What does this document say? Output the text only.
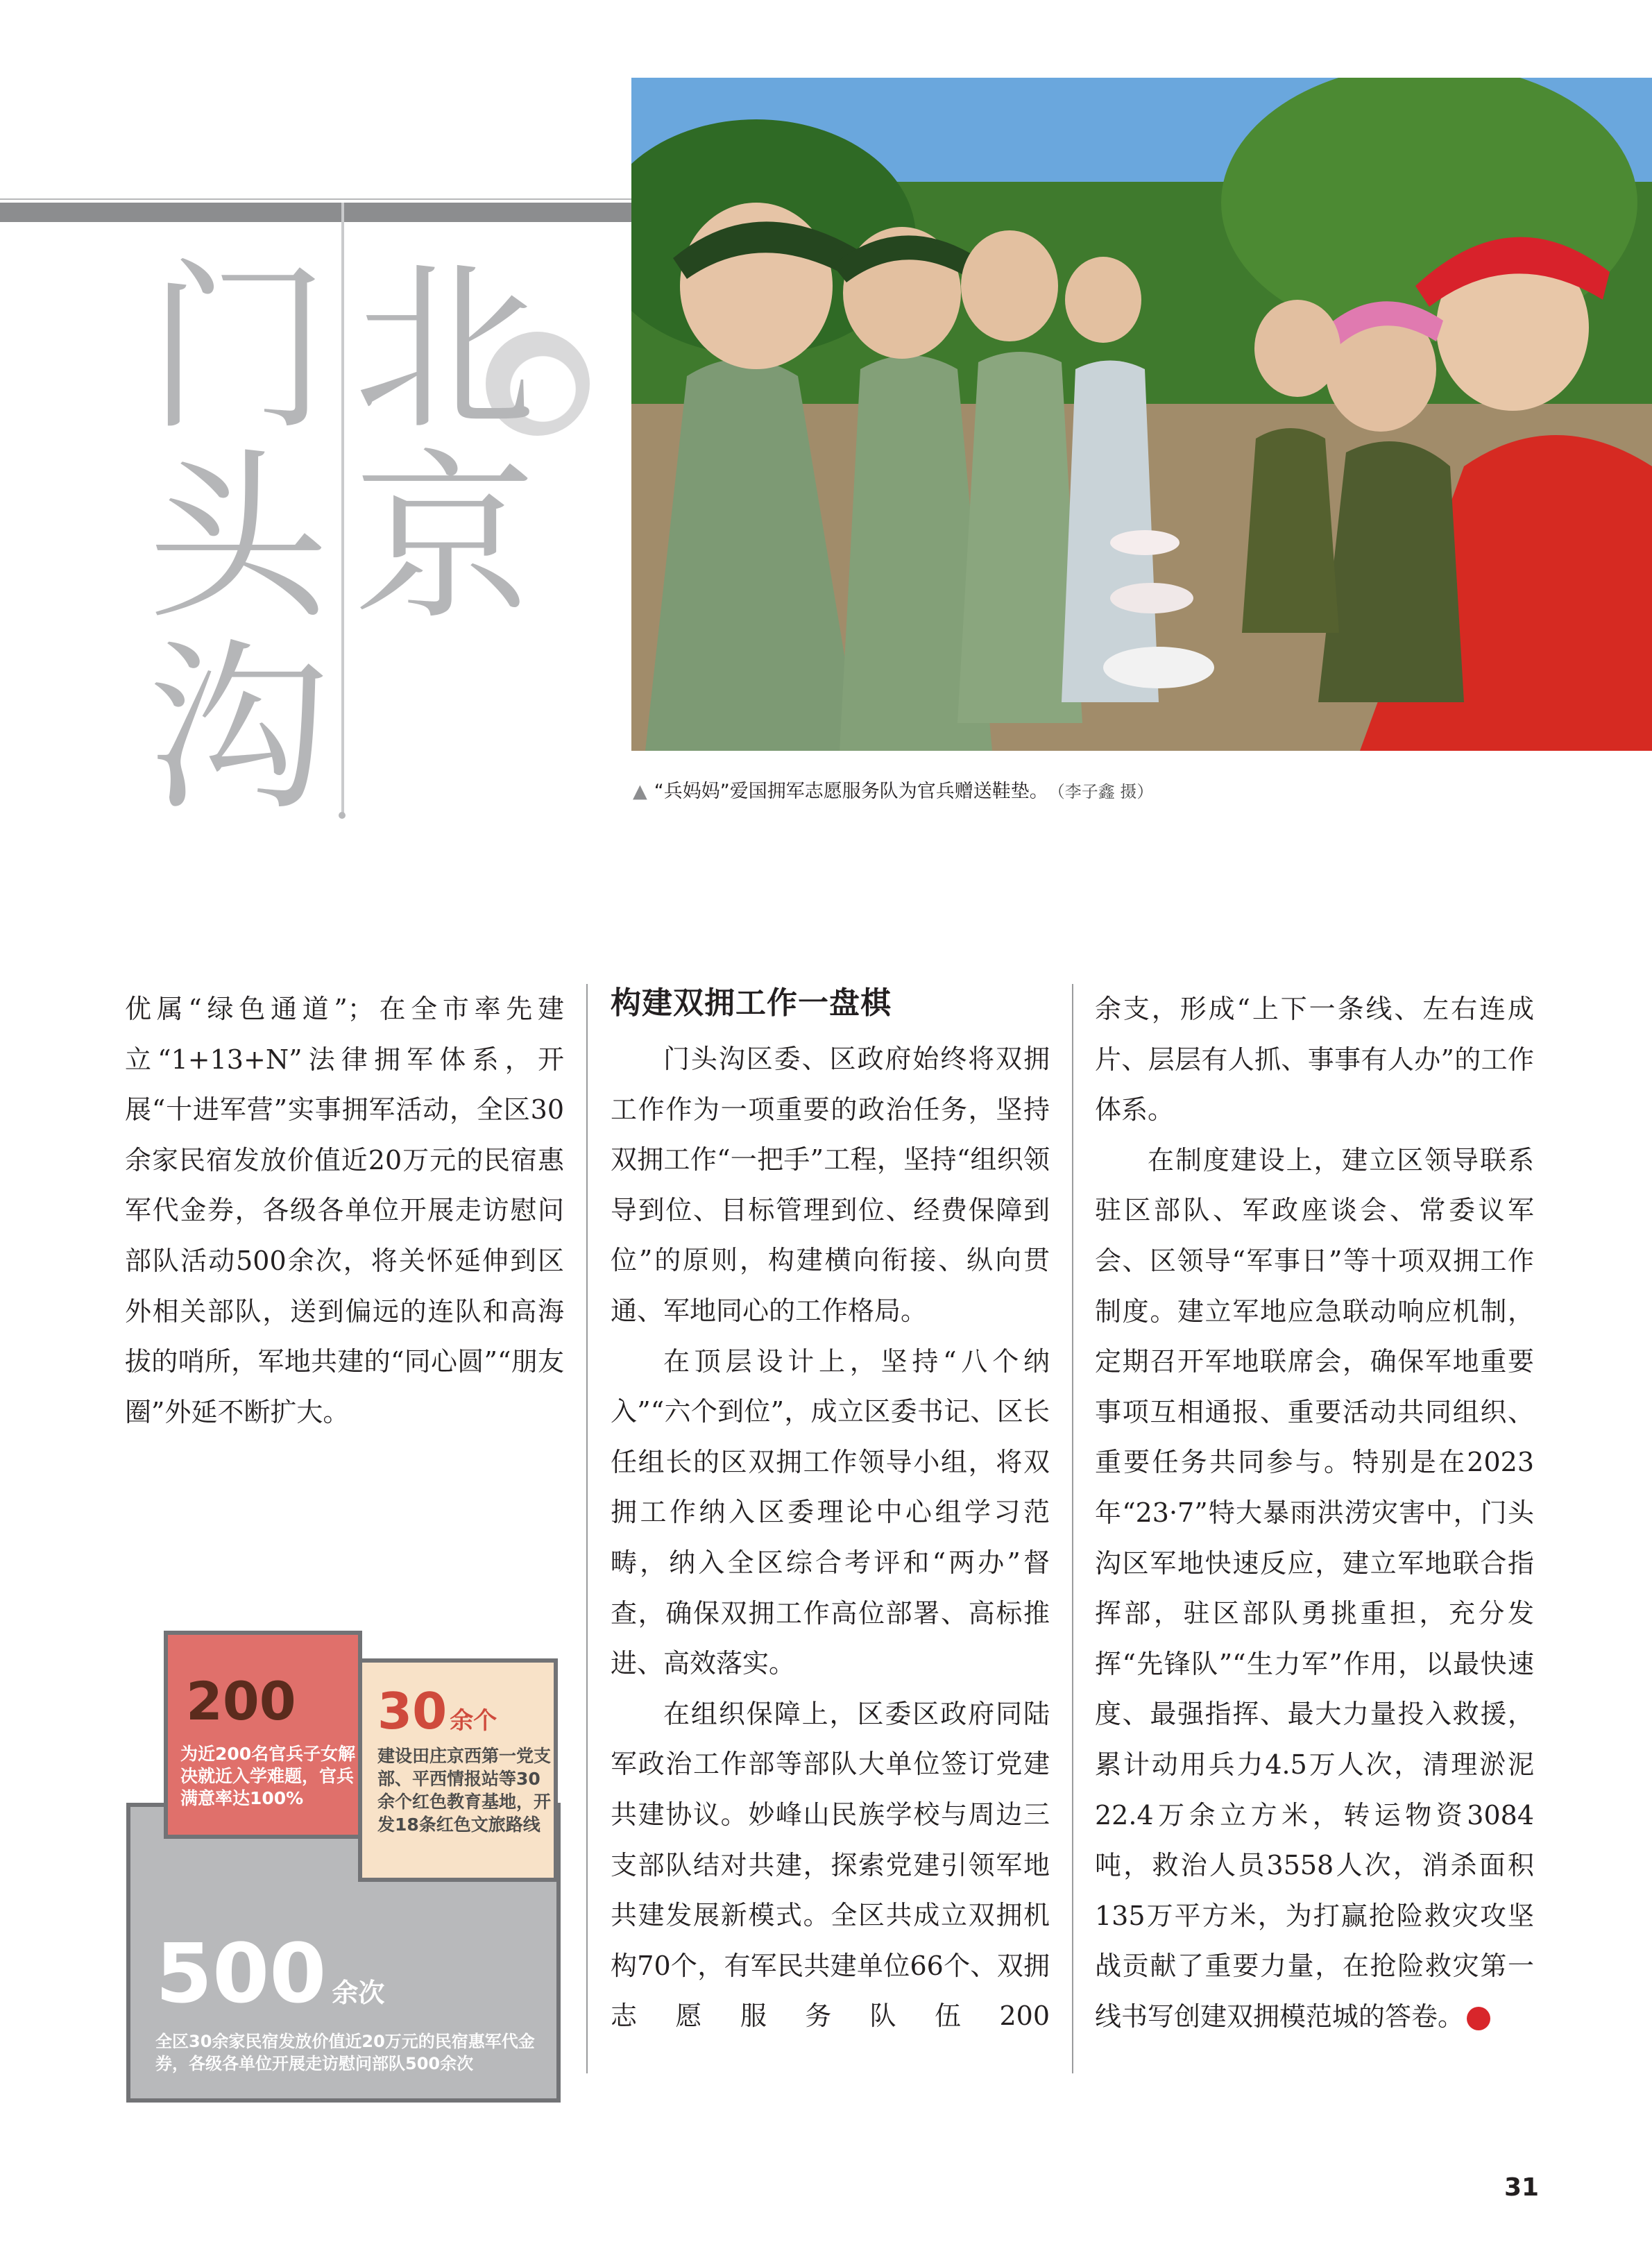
北
京
门
头
沟	▲ “兵妈妈”爱国拥军志愿服务队为官兵赠送鞋垫。 （李子鑫 摄）

优属“绿色通道”；在全市率先建立“1+13+N”法律拥军体系，开展“十进军营”实事拥军活动，全区30余家民宿发放价值近20万元的民宿惠军代金券，各级各单位开展走访慰问部队活动500余次，将关怀延伸到区外相关部队，送到偏远的连队和高海拔的哨所，军地共建的“同心圆”“朋友圈”外延不断扩大。

构建双拥工作一盘棋

门头沟区委、区政府始终将双拥工作作为一项重要的政治任务，坚持双拥工作“一把手”工程，坚持“组织领导到位、目标管理到位、经费保障到位”的原则，构建横向衔接、纵向贯通、军地同心的工作格局。

在顶层设计上，坚持“八个纳入”“六个到位”，成立区委书记、区长任组长的区双拥工作领导小组，将双拥工作纳入区委理论中心组学习范畴，纳入全区综合考评和“两办”督查，确保双拥工作高位部署、高标推进、高效落实。

在组织保障上，区委区政府同陆军政治工作部等部队大单位签订党建共建协议。妙峰山民族学校与周边三支部队结对共建，探索党建引领军地共建发展新模式。全区共成立双拥机构70个，有军民共建单位66个、双拥志愿服务队伍200

余支，形成“上下一条线、左右连成片、层层有人抓、事事有人办”的工作体系。

在制度建设上，建立区领导联系驻区部队、军政座谈会、常委议军会、区领导“军事日”等十项双拥工作制度。建立军地应急联动响应机制，定期召开军地联席会，确保军地重要事项互相通报、重要活动共同组织、重要任务共同参与。特别是在2023年“23·7”特大暴雨洪涝灾害中，门头沟区军地快速反应，建立军地联合指挥部，驻区部队勇挑重担，充分发挥“先锋队”“生力军”作用，以最快速度、最强指挥、最大力量投入救援，累计动用兵力4.5万人次，清理淤泥22.4万余立方米，转运物资3084吨，救治人员3558人次，消杀面积135万平方米，为打赢抢险救灾攻坚战贡献了重要力量，在抢险救灾第一线书写创建双拥模范城的答卷。	N

500 余次
全区30余家民宿发放价值近20万元的民宿惠军代金券，各级各单位开展走访慰问部队500余次
200
为近200名官兵子女解决就近入学难题，官兵满意率达100%
30 余个
建设田庄京西第一党支部、平西情报站等30余个红色教育基地，开发18条红色文旅路线
31
